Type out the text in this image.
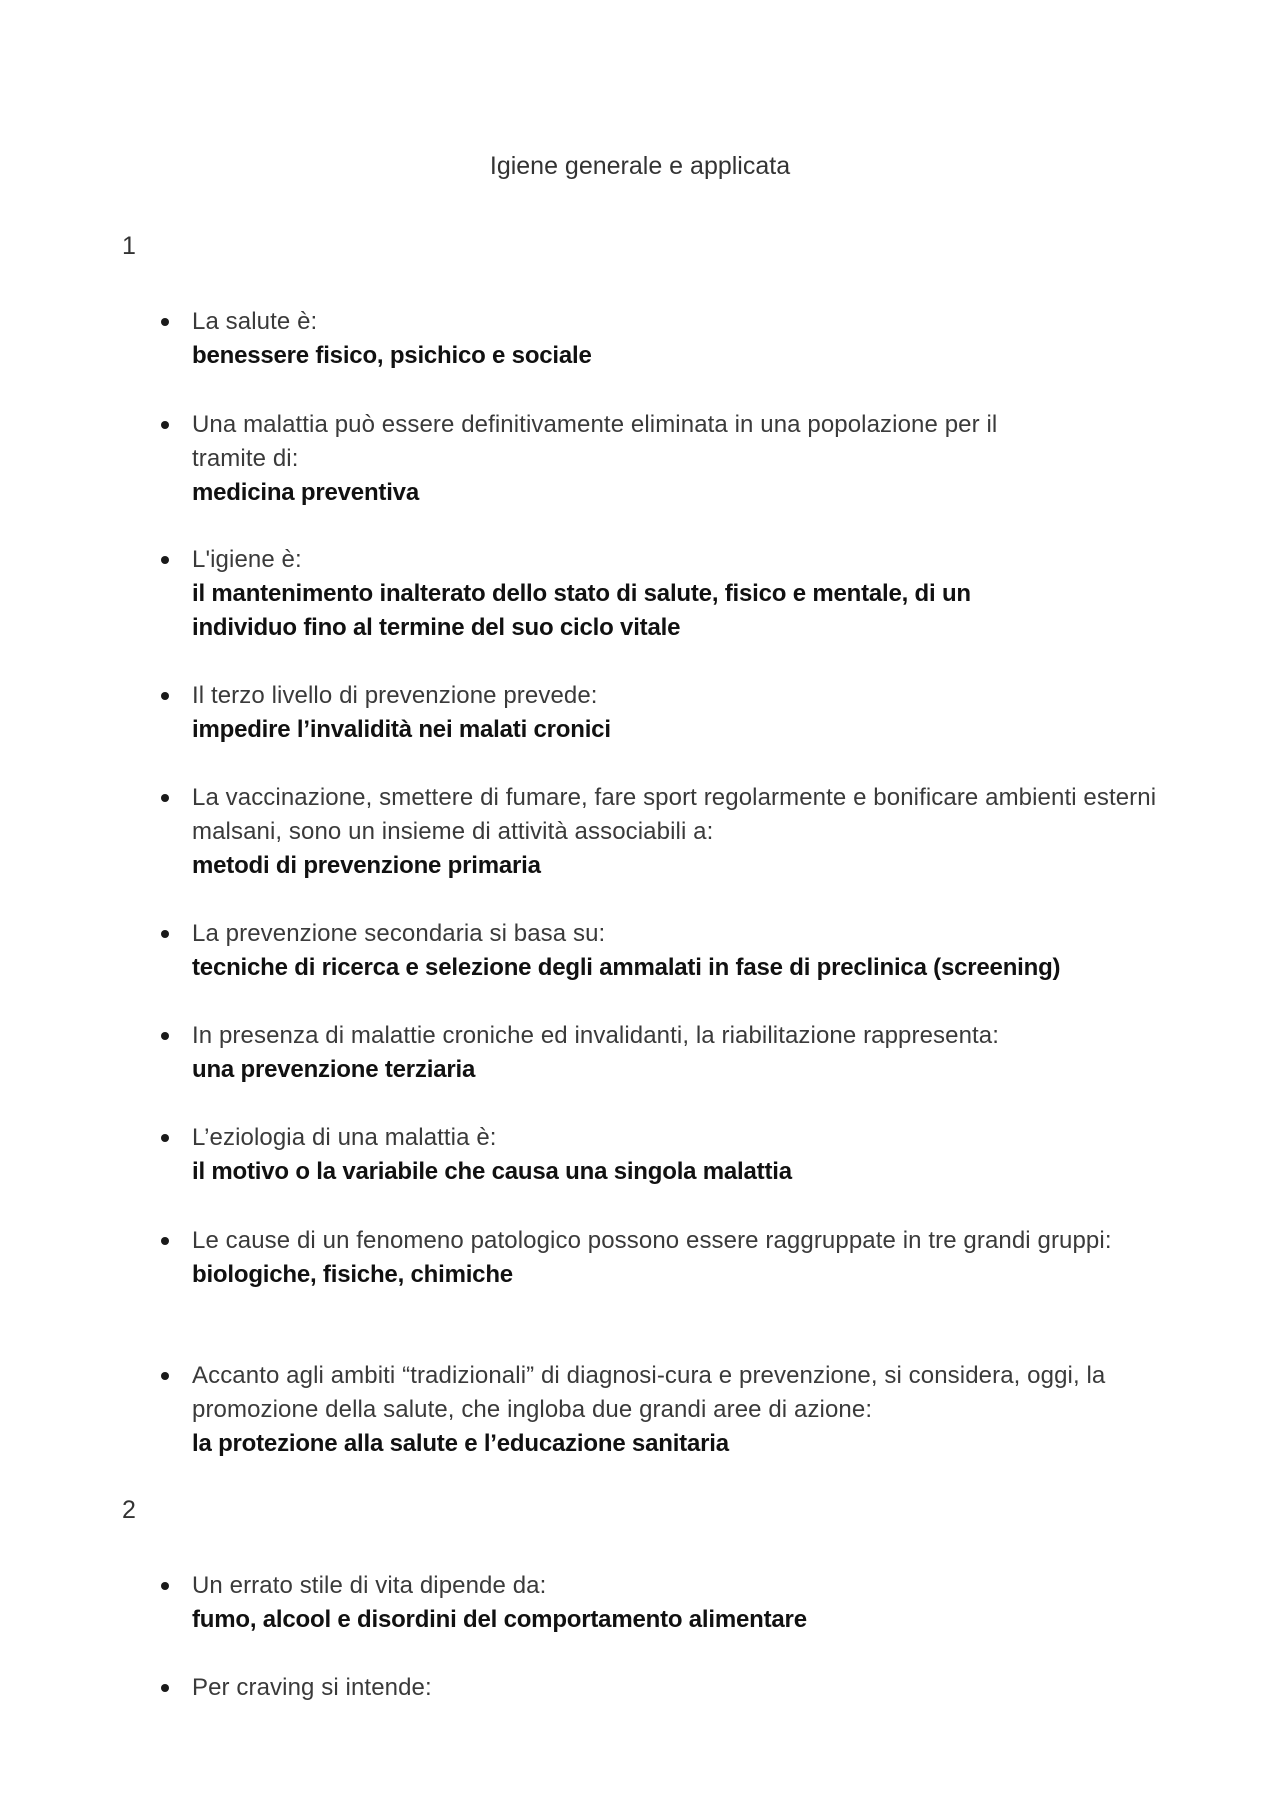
Igiene generale e applicata
1
La salute è:
benessere fisico, psichico e sociale
Una malattia può essere definitivamente eliminata in una popolazione per il tramite di:
medicina preventiva
L'igiene è:
il mantenimento inalterato dello stato di salute, fisico e mentale, di un individuo fino al termine del suo ciclo vitale
Il terzo livello di prevenzione prevede:
impedire l’invalidità nei malati cronici
La vaccinazione, smettere di fumare, fare sport regolarmente e bonificare ambienti esterni malsani, sono un insieme di attività associabili a:
metodi di prevenzione primaria
La prevenzione secondaria si basa su:
tecniche di ricerca e selezione degli ammalati in fase di preclinica (screening)
In presenza di malattie croniche ed invalidanti, la riabilitazione rappresenta:
una prevenzione terziaria
L’eziologia di una malattia è:
il motivo o la variabile che causa una singola malattia
Le cause di un fenomeno patologico possono essere raggruppate in tre grandi gruppi:
biologiche, fisiche, chimiche
Accanto agli ambiti “tradizionali” di diagnosi-cura e prevenzione, si considera, oggi, la promozione della salute, che ingloba due grandi aree di azione:
la protezione alla salute e l’educazione sanitaria
2
Un errato stile di vita dipende da:
fumo, alcool e disordini del comportamento alimentare
Per craving si intende:
